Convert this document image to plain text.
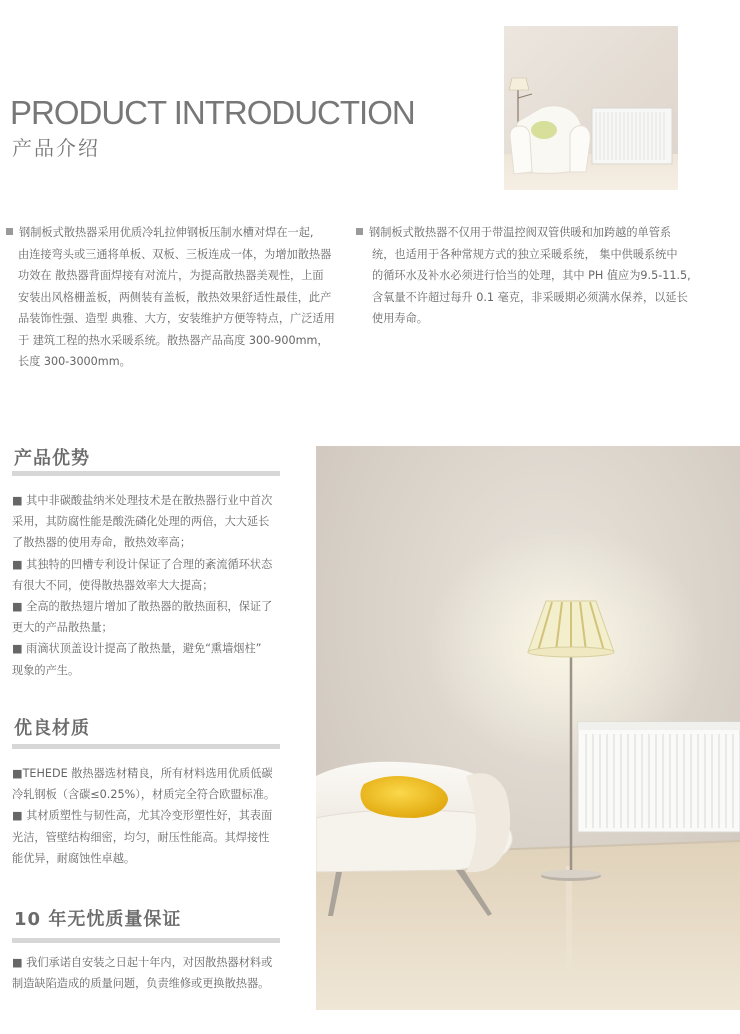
PRODUCT INTRODUCTION
产品介绍
钢制板式散热器采用优质冷轧拉伸钢板压制水槽对焊在一起,
由连接弯头或三通将单板、双板、三板连成一体，为增加散热器
功效在 散热器背面焊接有对流片，为提高散热器美观性，上面
安装出风格栅盖板，两侧装有盖板，散热效果舒适性最佳，此产
品装饰性强、造型 典雅、大方，安装维护方便等特点，广泛适用
于 建筑工程的热水采暖系统。散热器产品高度 300-900mm，
长度 300-3000mm。
钢制板式散热器不仅用于带温控阀双管供暖和加跨越的单管系
统，也适用于各种常规方式的独立采暖系统， 集中供暖系统中
的循环水及补水必须进行恰当的处理，其中 PH 值应为9.5-11.5,
含氧量不许超过每升 0.1 毫克，非采暖期必须满水保养，以延长
使用寿命。
产品优势

■ 其中非碳酸盐纳米处理技术是在散热器行业中首次

采用，其防腐性能是酸洗磷化处理的两倍，大大延长

了散热器的使用寿命，散热效率高；

■ 其独特的凹槽专利设计保证了合理的紊流循环状态

有很大不同，使得散热器效率大大提高；

■ 全高的散热翅片增加了散热器的散热面积，保证了

更大的产品散热量；

■ 雨滴状顶盖设计提高了散热量，避免“熏墙烟柱”

现象的产生。

优良材质

■TEHEDE 散热器选材精良，所有材料选用优质低碳

冷轧钢板（含碳≤0.25%），材质完全符合欧盟标准。

■ 其材质塑性与韧性高，尤其冷变形塑性好，其表面

光洁，管壁结构细密，均匀，耐压性能高。其焊接性

能优异，耐腐蚀性卓越。

10 年无忧质量保证

■ 我们承诺自安装之日起十年内，对因散热器材料或

制造缺陷造成的质量问题，负责维修或更换散热器。
